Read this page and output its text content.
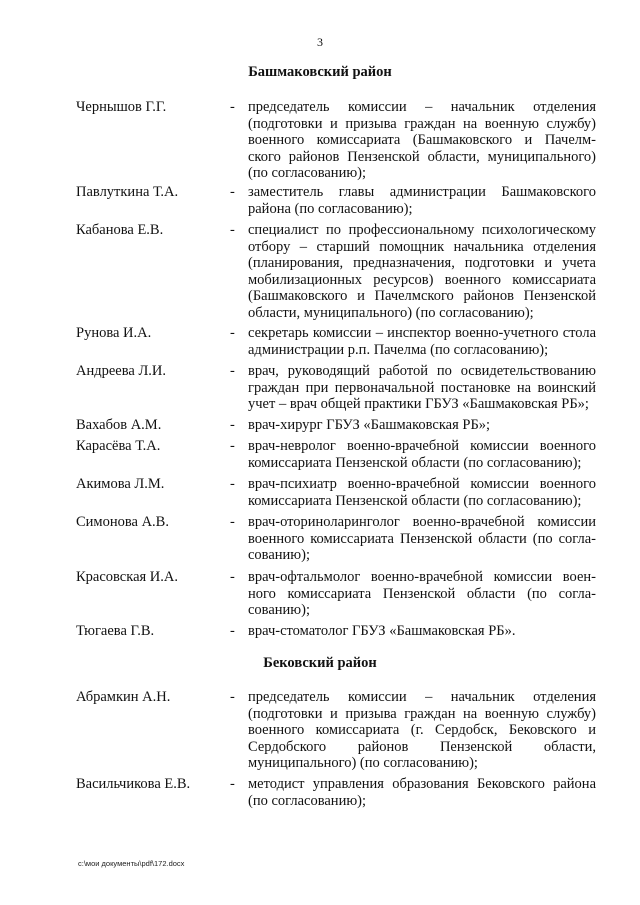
3
Башмаковский район
Чернышов Г.Г.	- председатель комиссии – начальник отделения
(подготовки и призыва граждан на военную службу)
военного комиссариата (Башмаковского и Пачелм-
ского районов Пензенской области, муниципального)
(по согласованию);
Павлуткина Т.А.	- заместитель главы администрации Башмаковского
района (по согласованию);
Кабанова Е.В.	- специалист по профессиональному психологическому
отбору – старший помощник начальника отделения
(планирования, предназначения, подготовки и учета
мобилизационных ресурсов) военного комиссариата
(Башмаковского и Пачелмского районов Пензенской
области, муниципального) (по согласованию);
Рунова И.А.	- секретарь комиссии – инспектор военно-учетного стола
администрации р.п. Пачелма (по согласованию);
Андреева Л.И.	- врач, руководящий работой по освидетельствованию
граждан при первоначальной постановке на воинский
учет – врач общей практики ГБУЗ «Башмаковская РБ»;
Вахабов А.М.	- врач-хирург ГБУЗ «Башмаковская РБ»;
Карасёва Т.А.	- врач-невролог военно-врачебной комиссии военного
комиссариата Пензенской области (по согласованию);
Акимова Л.М.	- врач-психиатр военно-врачебной комиссии военного
комиссариата Пензенской области (по согласованию);
Симонова А.В.	- врач-оториноларинголог военно-врачебной комиссии
военного комиссариата Пензенской области (по согла-
сованию);
Красовская И.А.	- врач-офтальмолог военно-врачебной комиссии воен-
ного комиссариата Пензенской области (по согла-
сованию);
Тюгаева Г.В.	- врач-стоматолог ГБУЗ «Башмаковская РБ».
Бековский район
Абрамкин А.Н.	- председатель комиссии – начальник отделения
(подготовки и призыва граждан на военную службу)
военного комиссариата (г. Сердобск, Бековского и
Сердобского районов Пензенской области,
муниципального) (по согласованию);
Васильчикова Е.В.	- методист управления образования Бековского района
(по согласованию);
c:\мои документы\pdf\172.docx
